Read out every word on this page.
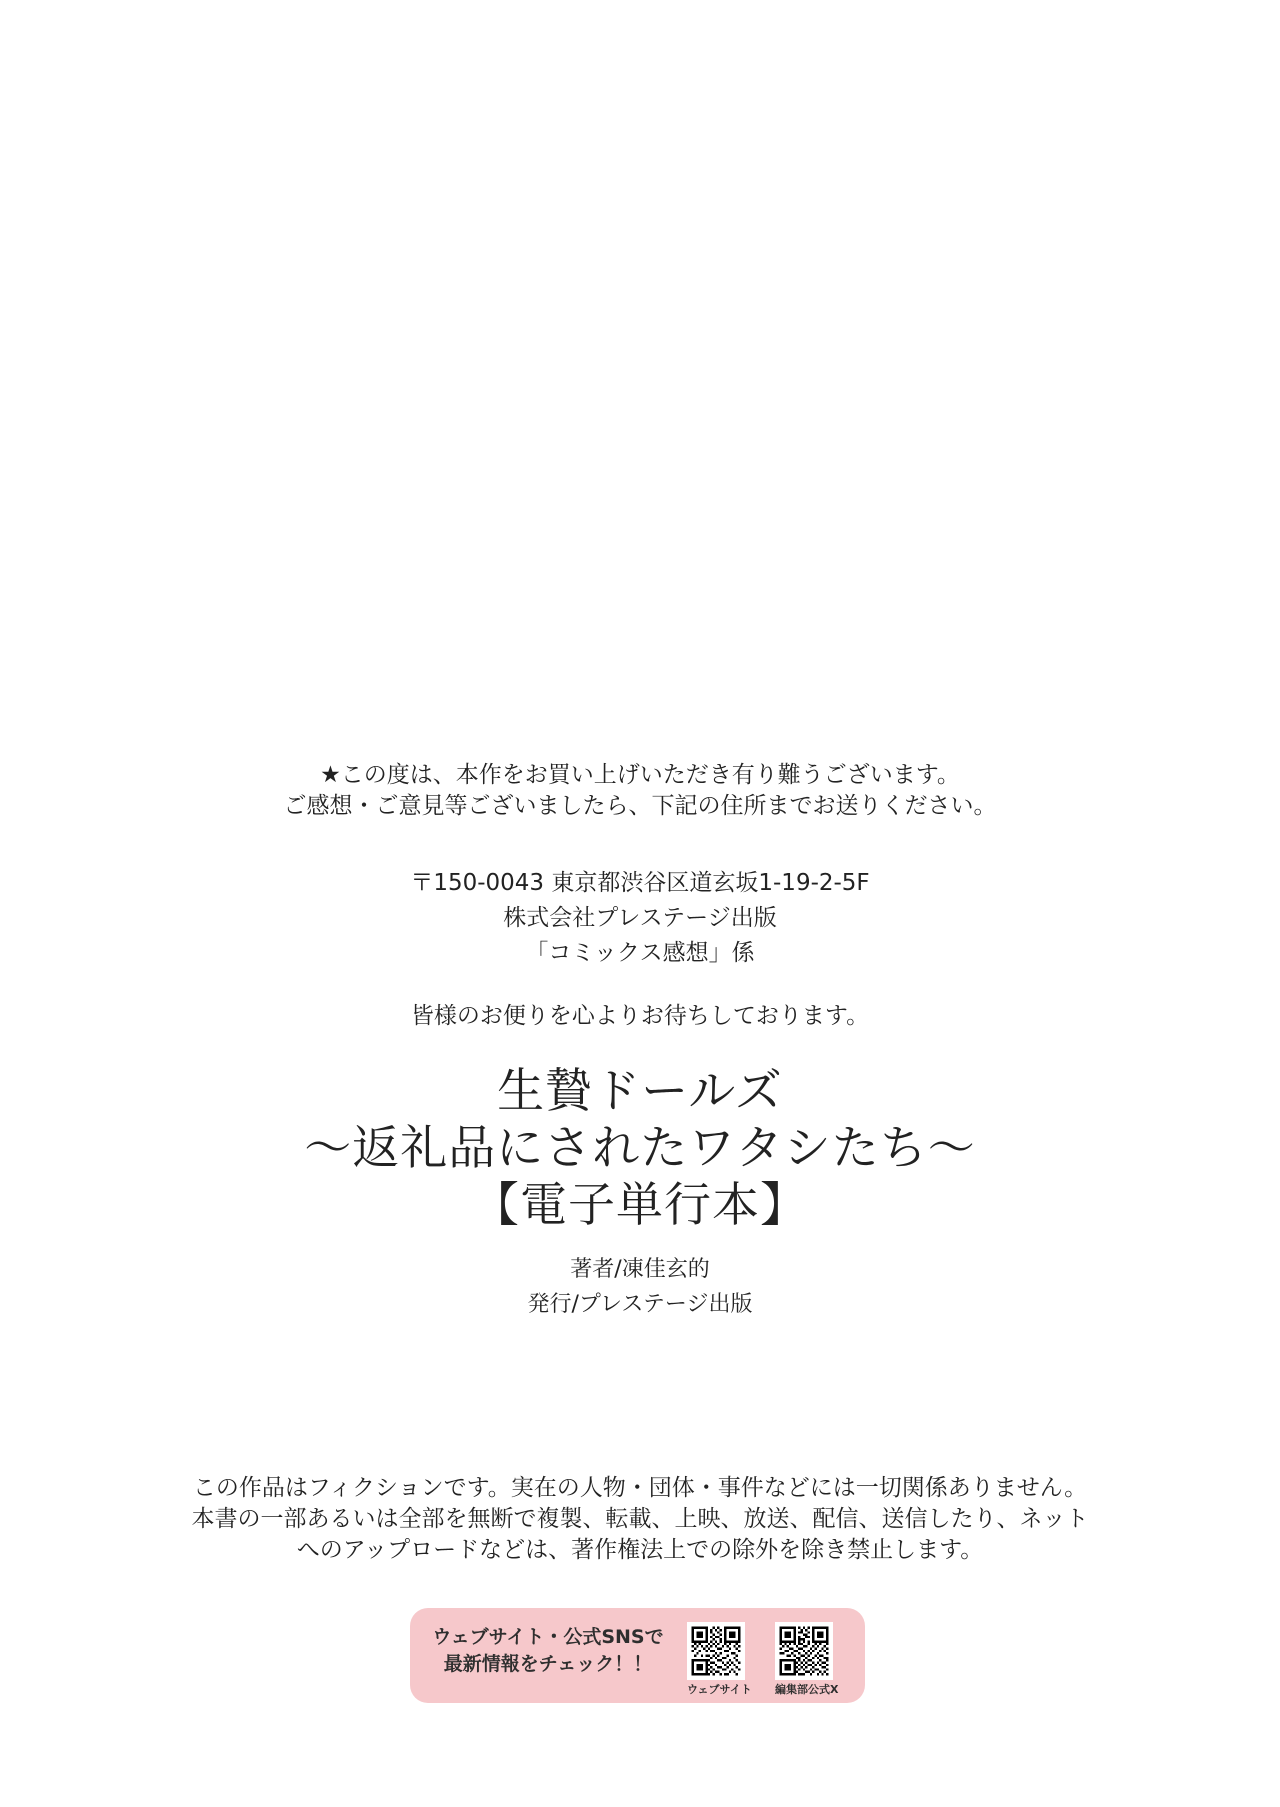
★この度は、本作をお買い上げいただき有り難うございます。
ご感想・ご意見等ございましたら、下記の住所までお送りください。
〒150-0043 東京都渋谷区道玄坂1-19-2-5F
株式会社プレステージ出版
「コミックス感想」係
皆様のお便りを心よりお待ちしております。
生贄ドールズ
～返礼品にされたワタシたち～
【電子単行本】
著者/凍佳玄的
発行/プレステージ出版
この作品はフィクションです。実在の人物・団体・事件などには一切関係ありません。
本書の一部あるいは全部を無断で複製、転載、上映、放送、配信、送信したり、ネット
へのアップロードなどは、著作権法上での除外を除き禁止します。
ウェブサイト・公式SNSで
最新情報をチェック！！
ウェブサイト 編集部公式X
